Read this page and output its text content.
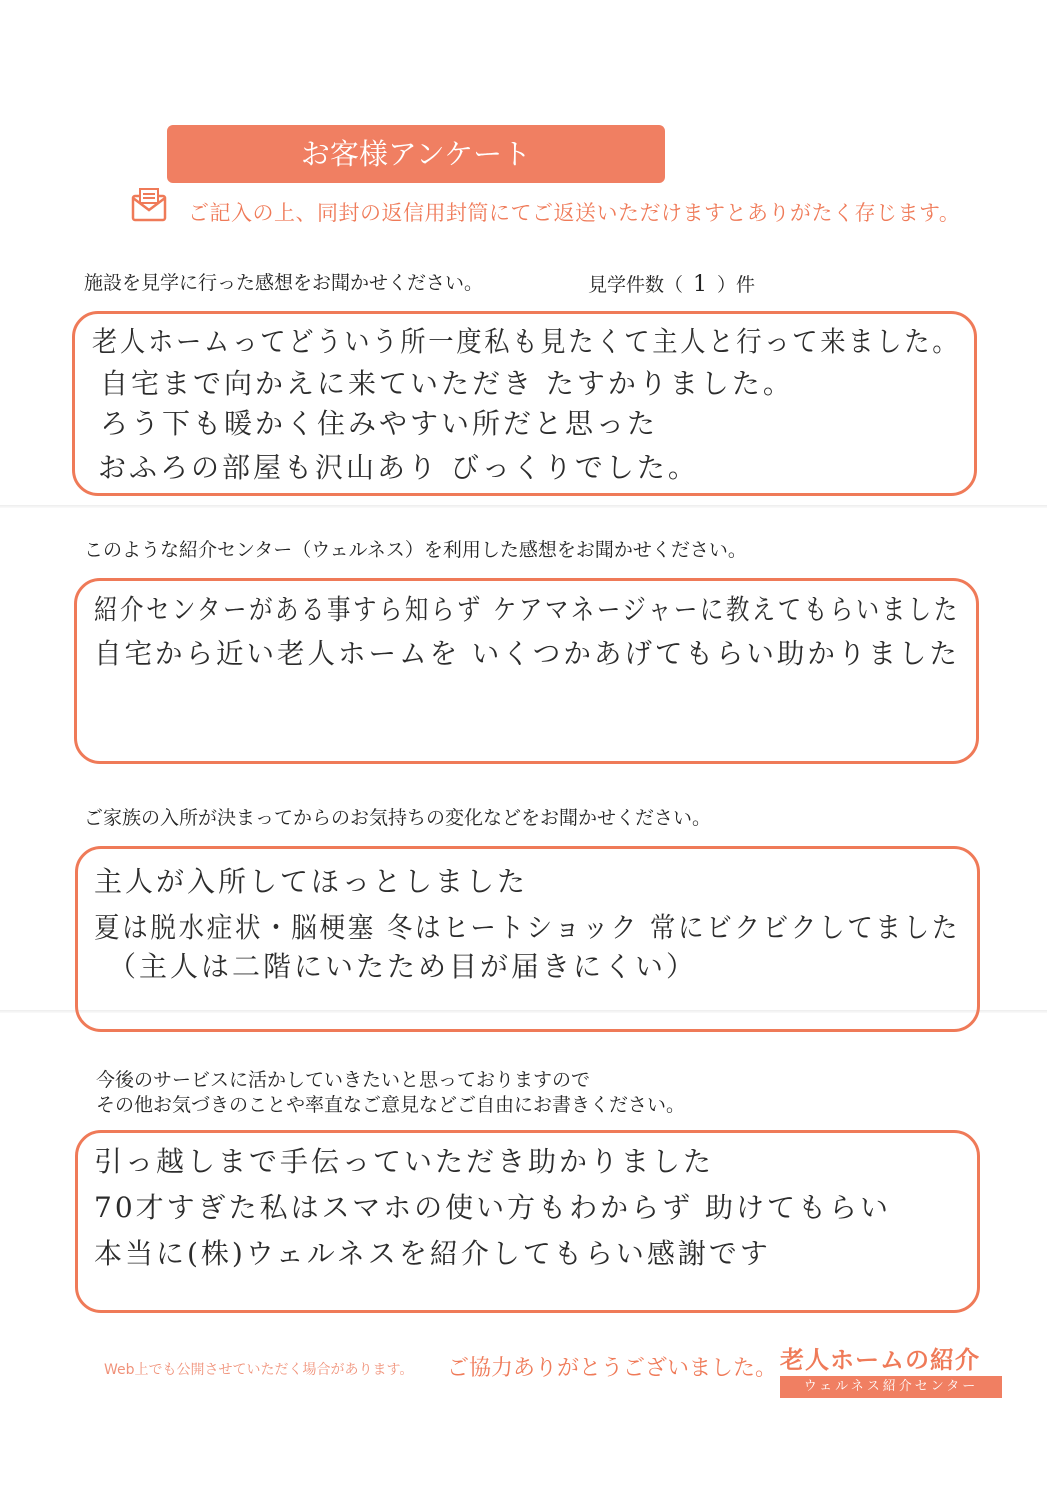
お客様アンケート
ご記入の上、同封の返信用封筒にてご返送いただけますとありがたく存じます。
施設を見学に行った感想をお聞かせください。	見学件数（ 1 ）件
老人ホームってどういう所一度私も見たくて主人と行って来ました。
自宅まで向かえに来ていただき たすかりました。
ろう下も暖かく住みやすい所だと思った
おふろの部屋も沢山あり びっくりでした。
このような紹介センター（ウェルネス）を利用した感想をお聞かせください。
紹介センターがある事すら知らず ケアマネージャーに教えてもらいました
自宅から近い老人ホームを いくつかあげてもらい助かりました
ご家族の入所が決まってからのお気持ちの変化などをお聞かせください。
主人が入所してほっとしました
夏は脱水症状・脳梗塞 冬はヒートショック 常にビクビクしてました
（主人は二階にいたため目が届きにくい）
今後のサービスに活かしていきたいと思っておりますので
その他お気づきのことや率直なご意見などご自由にお書きください。
引っ越しまで手伝っていただき助かりました
70才すぎた私はスマホの使い方もわからず 助けてもらい
本当に(株)ウェルネスを紹介してもらい感謝です
Web上でも公開させていただく場合があります。 ご協力ありがとうございました。 老人ホームの紹介
ウェルネス紹介センター
